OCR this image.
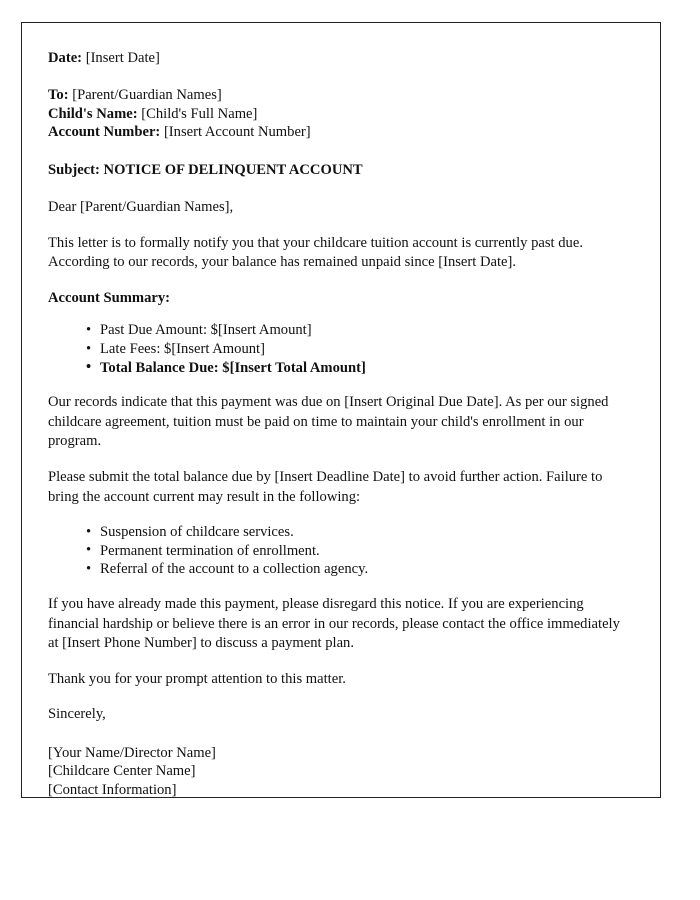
Date: [Insert Date]

To: [Parent/Guardian Names]

Child's Name: [Child's Full Name]

Account Number: [Insert Account Number]

Subject: NOTICE OF DELINQUENT ACCOUNT

Dear [Parent/Guardian Names],

This letter is to formally notify you that your childcare tuition account is currently past due. According to our records, your balance has remained unpaid since [Insert Date].

Account Summary:

• Past Due Amount: $[Insert Amount]
• Late Fees: $[Insert Amount]
• Total Balance Due: $[Insert Total Amount]

Our records indicate that this payment was due on [Insert Original Due Date]. As per our signed childcare agreement, tuition must be paid on time to maintain your child's enrollment in our program.

Please submit the total balance due by [Insert Deadline Date] to avoid further action. Failure to bring the account current may result in the following:

• Suspension of childcare services.
• Permanent termination of enrollment.
• Referral of the account to a collection agency.

If you have already made this payment, please disregard this notice. If you are experiencing financial hardship or believe there is an error in our records, please contact the office immediately at [Insert Phone Number] to discuss a payment plan.

Thank you for your prompt attention to this matter.

Sincerely,

[Your Name/Director Name]

[Childcare Center Name]

[Contact Information]
